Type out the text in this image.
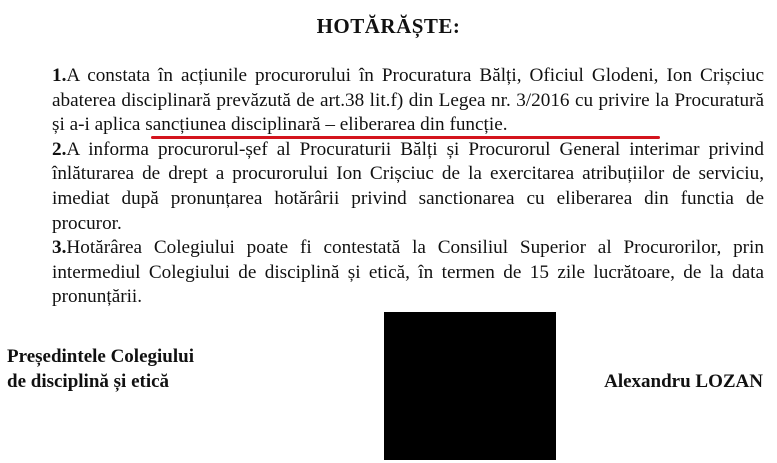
HOTĂRĂȘTE:
1.A constata în acțiunile procurorului în Procuratura Bălți, Oficiul Glodeni, Ion Crișciuc abaterea disciplinară prevăzută de art.38 lit.f) din Legea nr. 3/2016 cu privire la Procuratură și a-i aplica sancțiunea disciplinară – eliberarea din funcție.
2.A informa procurorul-șef al Procuraturii Bălți și Procurorul General interimar privind înlăturarea de drept a procurorului Ion Crișciuc de la exercitarea atribuțiilor de serviciu, imediat după pronunțarea hotărârii privind sanctionarea cu eliberarea din functia de procuror.
3.Hotărârea Colegiului poate fi contestată la Consiliul Superior al Procurorilor, prin intermediul Colegiului de disciplină și etică, în termen de 15 zile lucrătoare, de la data pronunțării.
Președintele Colegiului
de disciplină și etică	Alexandru LOZAN
